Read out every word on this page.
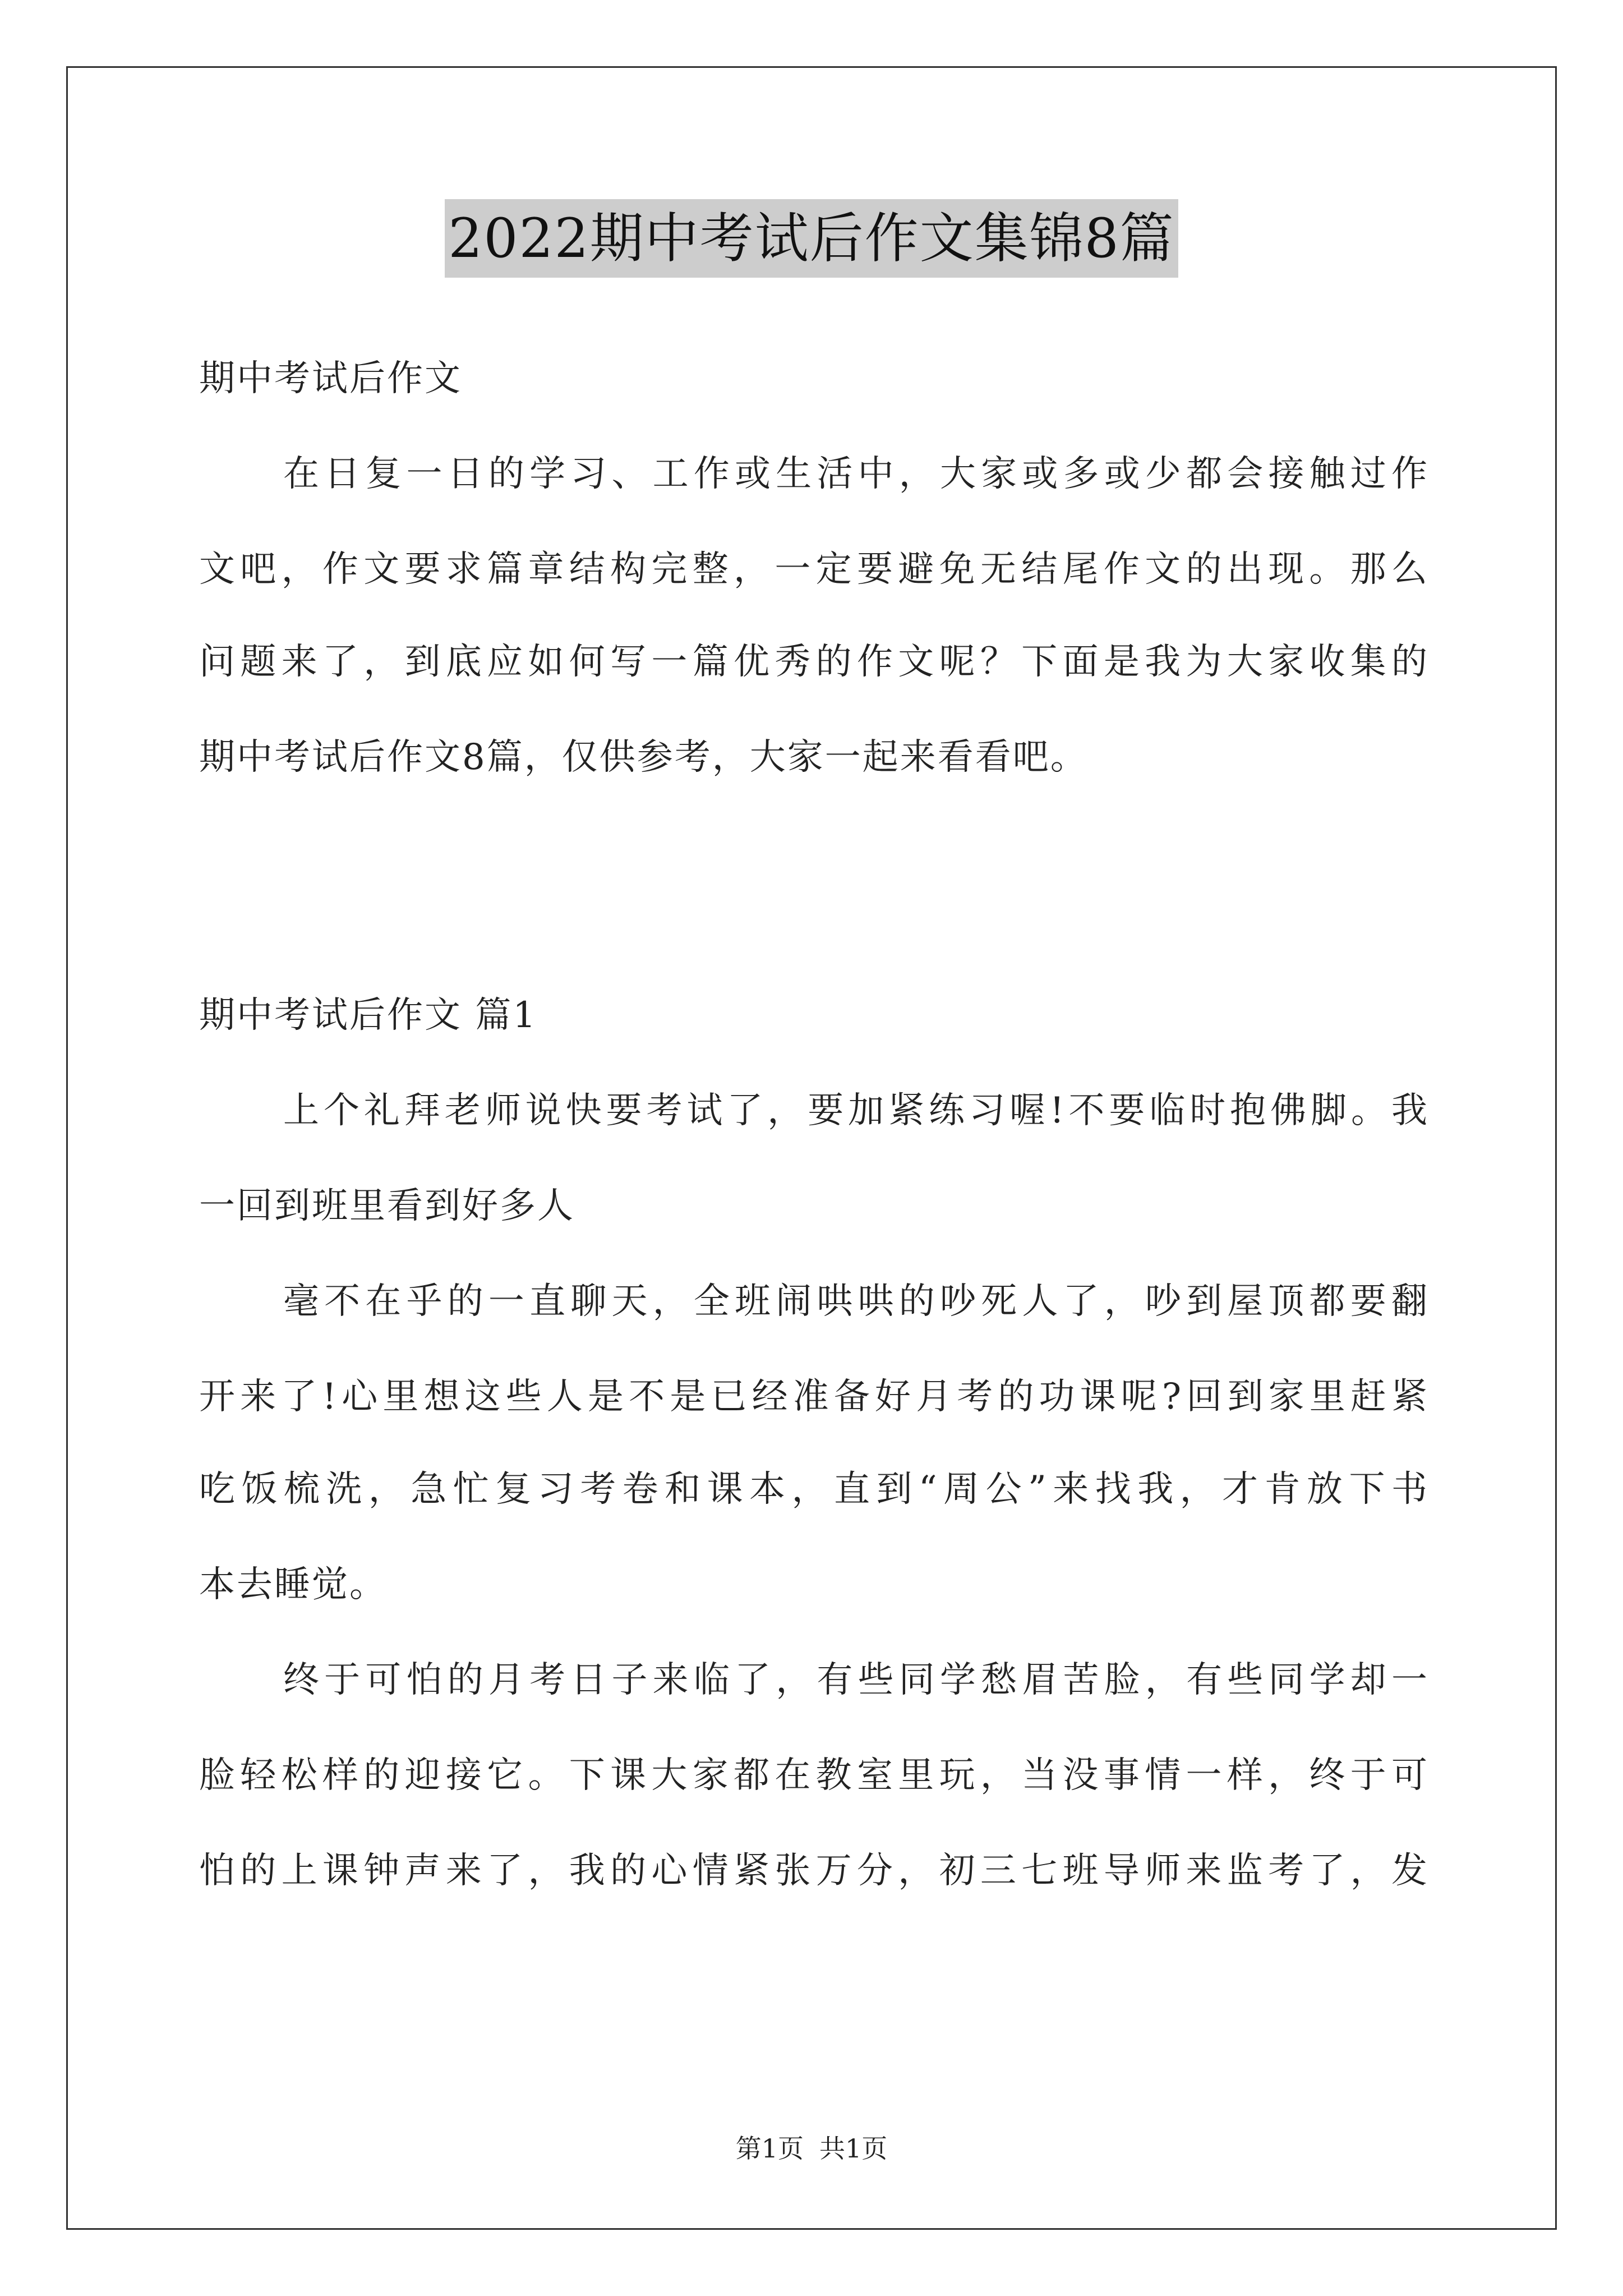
2022期中考试后作文集锦8篇
期中考试后作文
在日复一日的学习、工作或生活中，大家或多或少都会接触过作
文吧，作文要求篇章结构完整，一定要避免无结尾作文的出现。那么
问题来了，到底应如何写一篇优秀的作文呢？下面是我为大家收集的
期中考试后作文8篇，仅供参考，大家一起来看看吧。
期中考试后作文 篇1
上个礼拜老师说快要考试了，要加紧练习喔!不要临时抱佛脚。我
一回到班里看到好多人
毫不在乎的一直聊天，全班闹哄哄的吵死人了，吵到屋顶都要翻
开来了!心里想这些人是不是已经准备好月考的功课呢?回到家里赶紧
吃饭梳洗，急忙复习考卷和课本，直到“周公”来找我，才肯放下书
本去睡觉。
终于可怕的月考日子来临了，有些同学愁眉苦脸，有些同学却一
脸轻松样的迎接它。下课大家都在教室里玩，当没事情一样，终于可
怕的上课钟声来了，我的心情紧张万分，初三七班导师来监考了，发
第1页 共1页
